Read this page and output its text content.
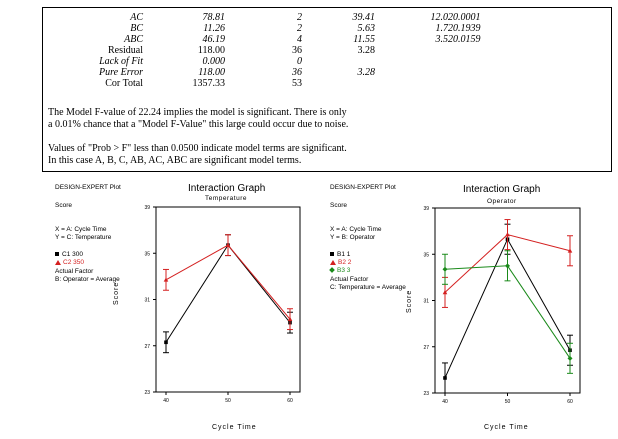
AC	78.81	2	39.41	12.02 0.0001
BC	11.26	2	5.63	1.72 0.1939
ABC	46.19	4	11.55	3.52 0.0159
Residual	118.00	36	3.28
Lack of Fit	0.000	0
Pure Error	118.00	36	3.28
Cor Total	1357.33	53
The Model F-value of 22.24 implies the model is significant. There is only
a 0.01% chance that a "Model F-Value" this large could occur due to noise.
Values of "Prob > F" less than 0.0500 indicate model terms are significant.
In this case A, B, C, AB, AC, ABC are significant model terms.
DESIGN-EXPERT Plot
Score
X = A: Cycle Time
Y = C: Temperature
C1 300
C2 350
Actual Factor
B: Operator = Average
DESIGN-EXPERT Plot
Score
X = A: Cycle Time
Y = B: Operator
B1 1
B2 2
B3 3
Actual Factor
C: Temperature = Average
Interaction Graph
Temperature
Interaction Graph
Operator
Cycle Time	Cycle Time
Score	Score
23
27
31
35
39
40	50	60
23
27
31
35
39
40	50	60
